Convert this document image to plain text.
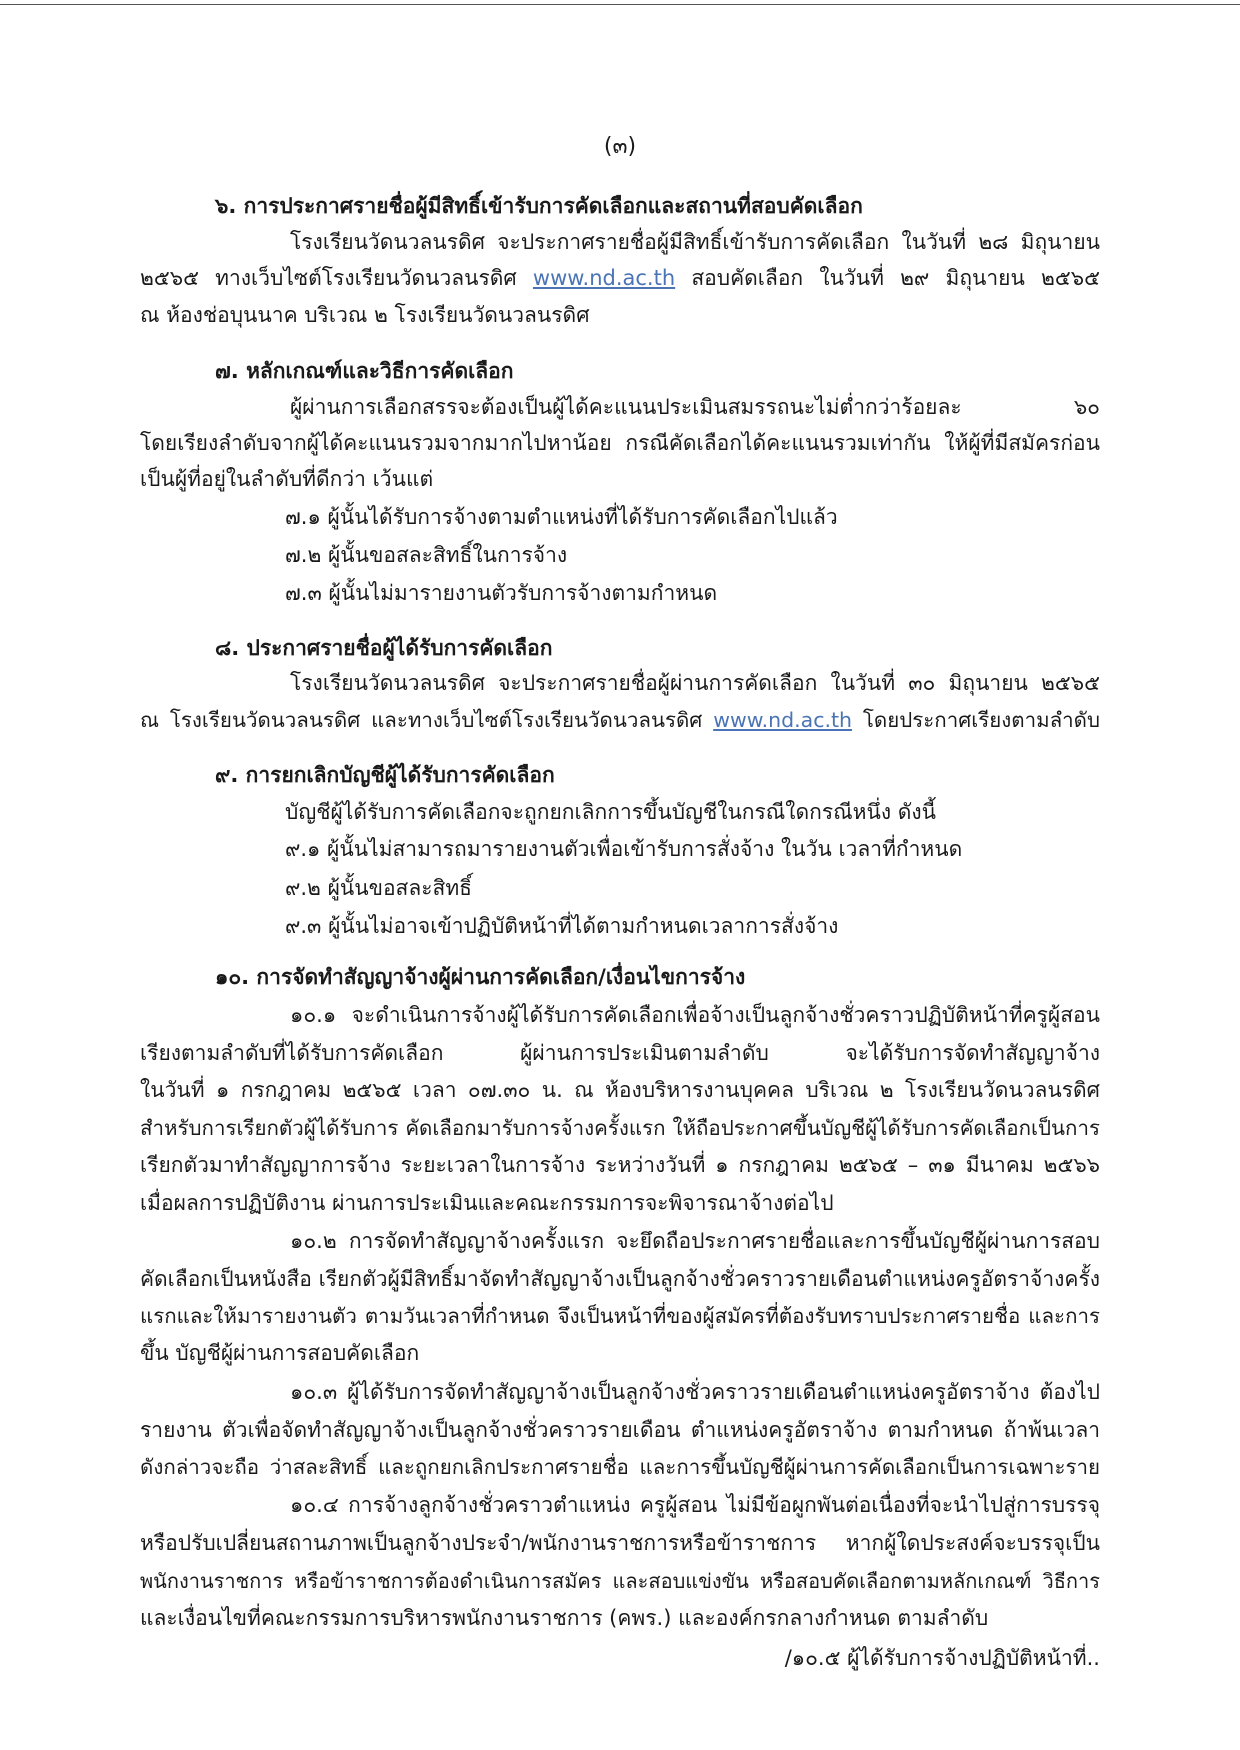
(๓)
๖. การประกาศรายชื่อผู้มีสิทธิ์เข้ารับการคัดเลือกและสถานที่สอบคัดเลือก
โรงเรียนวัดนวลนรดิศ จะประกาศรายชื่อผู้มีสิทธิ์เข้ารับการคัดเลือก ในวันที่ ๒๘ มิถุนายน
๒๕๖๕ ทางเว็บไซต์โรงเรียนวัดนวลนรดิศ www.nd.ac.th สอบคัดเลือก ในวันที่ ๒๙ มิถุนายน ๒๕๖๕
ณ ห้องช่อบุนนาค บริเวณ ๒ โรงเรียนวัดนวลนรดิศ
๗. หลักเกณฑ์และวิธีการคัดเลือก
ผู้ผ่านการเลือกสรรจะต้องเป็นผู้ได้คะแนนประเมินสมรรถนะไม่ต่ำกว่าร้อยละ ๖๐
โดยเรียงลำดับจากผู้ได้คะแนนรวมจากมากไปหาน้อย กรณีคัดเลือกได้คะแนนรวมเท่ากัน ให้ผู้ที่มีสมัครก่อน
เป็นผู้ที่อยู่ในลำดับที่ดีกว่า เว้นแต่
๗.๑ ผู้นั้นได้รับการจ้างตามตำแหน่งที่ได้รับการคัดเลือกไปแล้ว
๗.๒ ผู้นั้นขอสละสิทธิ์ในการจ้าง
๗.๓ ผู้นั้นไม่มารายงานตัวรับการจ้างตามกำหนด
๘. ประกาศรายชื่อผู้ได้รับการคัดเลือก
โรงเรียนวัดนวลนรดิศ จะประกาศรายชื่อผู้ผ่านการคัดเลือก ในวันที่ ๓๐ มิถุนายน ๒๕๖๕
ณ โรงเรียนวัดนวลนรดิศ และทางเว็บไซต์โรงเรียนวัดนวลนรดิศ www.nd.ac.th โดยประกาศเรียงตามลำดับ
๙. การยกเลิกบัญชีผู้ได้รับการคัดเลือก
บัญชีผู้ได้รับการคัดเลือกจะถูกยกเลิกการขึ้นบัญชีในกรณีใดกรณีหนึ่ง ดังนี้
๙.๑ ผู้นั้นไม่สามารถมารายงานตัวเพื่อเข้ารับการสั่งจ้าง ในวัน เวลาที่กำหนด
๙.๒ ผู้นั้นขอสละสิทธิ์
๙.๓ ผู้นั้นไม่อาจเข้าปฏิบัติหน้าที่ได้ตามกำหนดเวลาการสั่งจ้าง
๑๐. การจัดทำสัญญาจ้างผู้ผ่านการคัดเลือก/เงื่อนไขการจ้าง
๑๐.๑ จะดำเนินการจ้างผู้ได้รับการคัดเลือกเพื่อจ้างเป็นลูกจ้างชั่วคราวปฏิบัติหน้าที่ครูผู้สอน
เรียงตามลำดับที่ได้รับการคัดเลือก ผู้ผ่านการประเมินตามลำดับ จะได้รับการจัดทำสัญญาจ้าง
ในวันที่ ๑ กรกฎาคม ๒๕๖๕ เวลา ๐๗.๓๐ น. ณ ห้องบริหารงานบุคคล บริเวณ ๒ โรงเรียนวัดนวลนรดิศ
สำหรับการเรียกตัวผู้ได้รับการ คัดเลือกมารับการจ้างครั้งแรก ให้ถือประกาศขึ้นบัญชีผู้ได้รับการคัดเลือกเป็นการ
เรียกตัวมาทำสัญญาการจ้าง ระยะเวลาในการจ้าง ระหว่างวันที่ ๑ กรกฎาคม ๒๕๖๕ – ๓๑ มีนาคม ๒๕๖๖
เมื่อผลการปฏิบัติงาน ผ่านการประเมินและคณะกรรมการจะพิจารณาจ้างต่อไป
๑๐.๒ การจัดทำสัญญาจ้างครั้งแรก จะยึดถือประกาศรายชื่อและการขึ้นบัญชีผู้ผ่านการสอบ
คัดเลือกเป็นหนังสือ เรียกตัวผู้มีสิทธิ์มาจัดทำสัญญาจ้างเป็นลูกจ้างชั่วคราวรายเดือนตำแหน่งครูอัตราจ้างครั้ง
แรกและให้มารายงานตัว ตามวันเวลาที่กำหนด จึงเป็นหน้าที่ของผู้สมัครที่ต้องรับทราบประกาศรายชื่อ และการ
ขึ้น บัญชีผู้ผ่านการสอบคัดเลือก
๑๐.๓ ผู้ได้รับการจัดทำสัญญาจ้างเป็นลูกจ้างชั่วคราวรายเดือนตำแหน่งครูอัตราจ้าง ต้องไป
รายงาน ตัวเพื่อจัดทำสัญญาจ้างเป็นลูกจ้างชั่วคราวรายเดือน ตำแหน่งครูอัตราจ้าง ตามกำหนด ถ้าพ้นเวลา
ดังกล่าวจะถือ ว่าสละสิทธิ์ และถูกยกเลิกประกาศรายชื่อ และการขึ้นบัญชีผู้ผ่านการคัดเลือกเป็นการเฉพาะราย
๑๐.๔ การจ้างลูกจ้างชั่วคราวตำแหน่ง ครูผู้สอน ไม่มีข้อผูกพันต่อเนื่องที่จะนำไปสู่การบรรจุ
หรือปรับเปลี่ยนสถานภาพเป็นลูกจ้างประจำ/พนักงานราชการหรือข้าราชการ หากผู้ใดประสงค์จะบรรจุเป็น
พนักงานราชการ หรือข้าราชการต้องดำเนินการสมัคร และสอบแข่งขัน หรือสอบคัดเลือกตามหลักเกณฑ์ วิธีการ
และเงื่อนไขที่คณะกรรมการบริหารพนักงานราชการ (คพร.) และองค์กรกลางกำหนด ตามลำดับ
/๑๐.๕ ผู้ได้รับการจ้างปฏิบัติหน้าที่..
